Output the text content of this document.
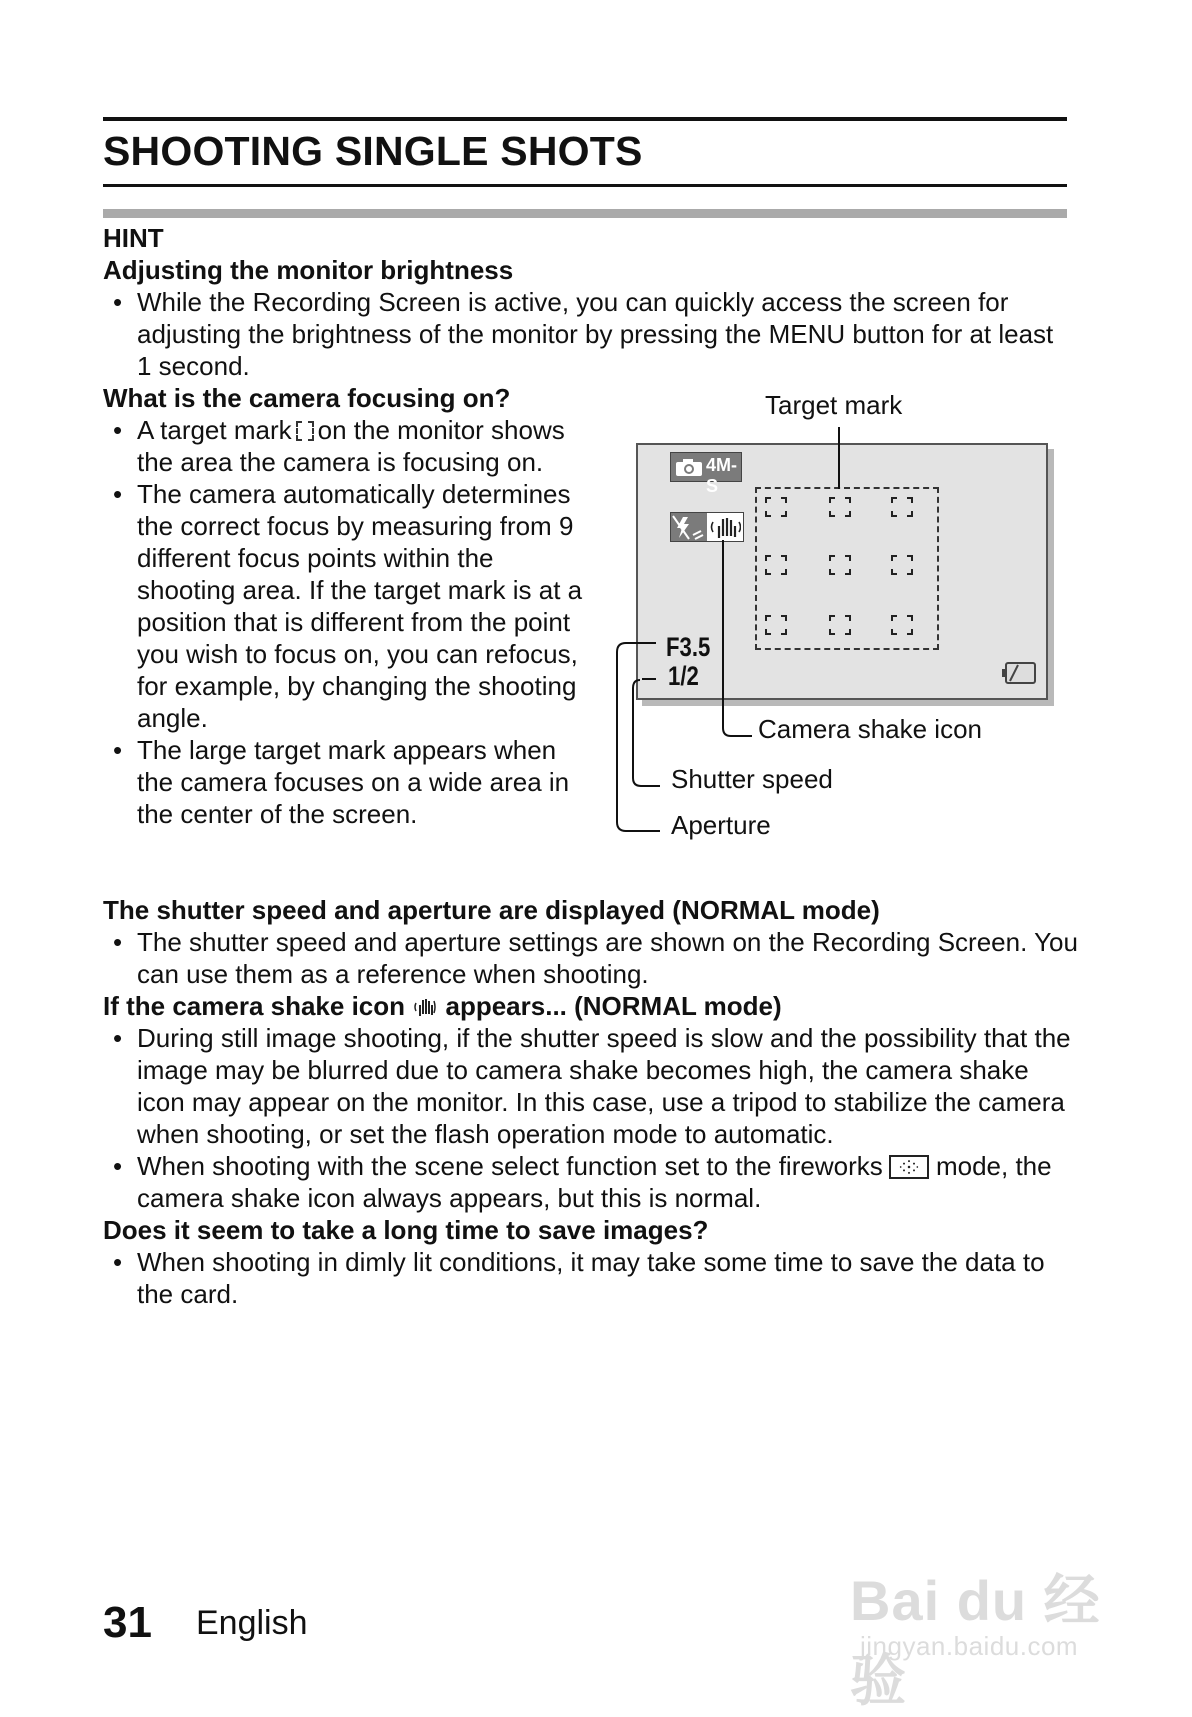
SHOOTING SINGLE SHOTS

HINT

Adjusting the monitor brightness

• While the Recording Screen is active, you can quickly access the screen for adjusting the brightness of the monitor by pressing the MENU button for at least 1 second.

What is the camera focusing on?

• A target mark on the monitor shows the area the camera is focusing on.

• The camera automatically determines the correct focus by measuring from 9 different focus points within the shooting area. If the target mark is at a position that is different from the point you wish to focus on, you can refocus, for example, by changing the shooting angle.

• The large target mark appears when the camera focuses on a wide area in the center of the screen.

The shutter speed and aperture are displayed (NORMAL mode)

• The shutter speed and aperture settings are shown on the Recording Screen. You can use them as a reference when shooting.

If the camera shake icon appears... (NORMAL mode)

• During still image shooting, if the shutter speed is slow and the possibility that the image may be blurred due to camera shake becomes high, the camera shake icon may appear on the monitor. In this case, use a tripod to stabilize the camera when shooting, or set the flash operation mode to automatic.

• When shooting with the scene select function set to the fireworks mode, the camera shake icon always appears, but this is normal.

Does it seem to take a long time to save images?

• When shooting in dimly lit conditions, it may take some time to save the data to the card.

4M-S
F3.5
1/2
Target mark
Camera shake icon
Shutter speed
Aperture
31 English	Bai du 经验
jingyan.baidu.com
